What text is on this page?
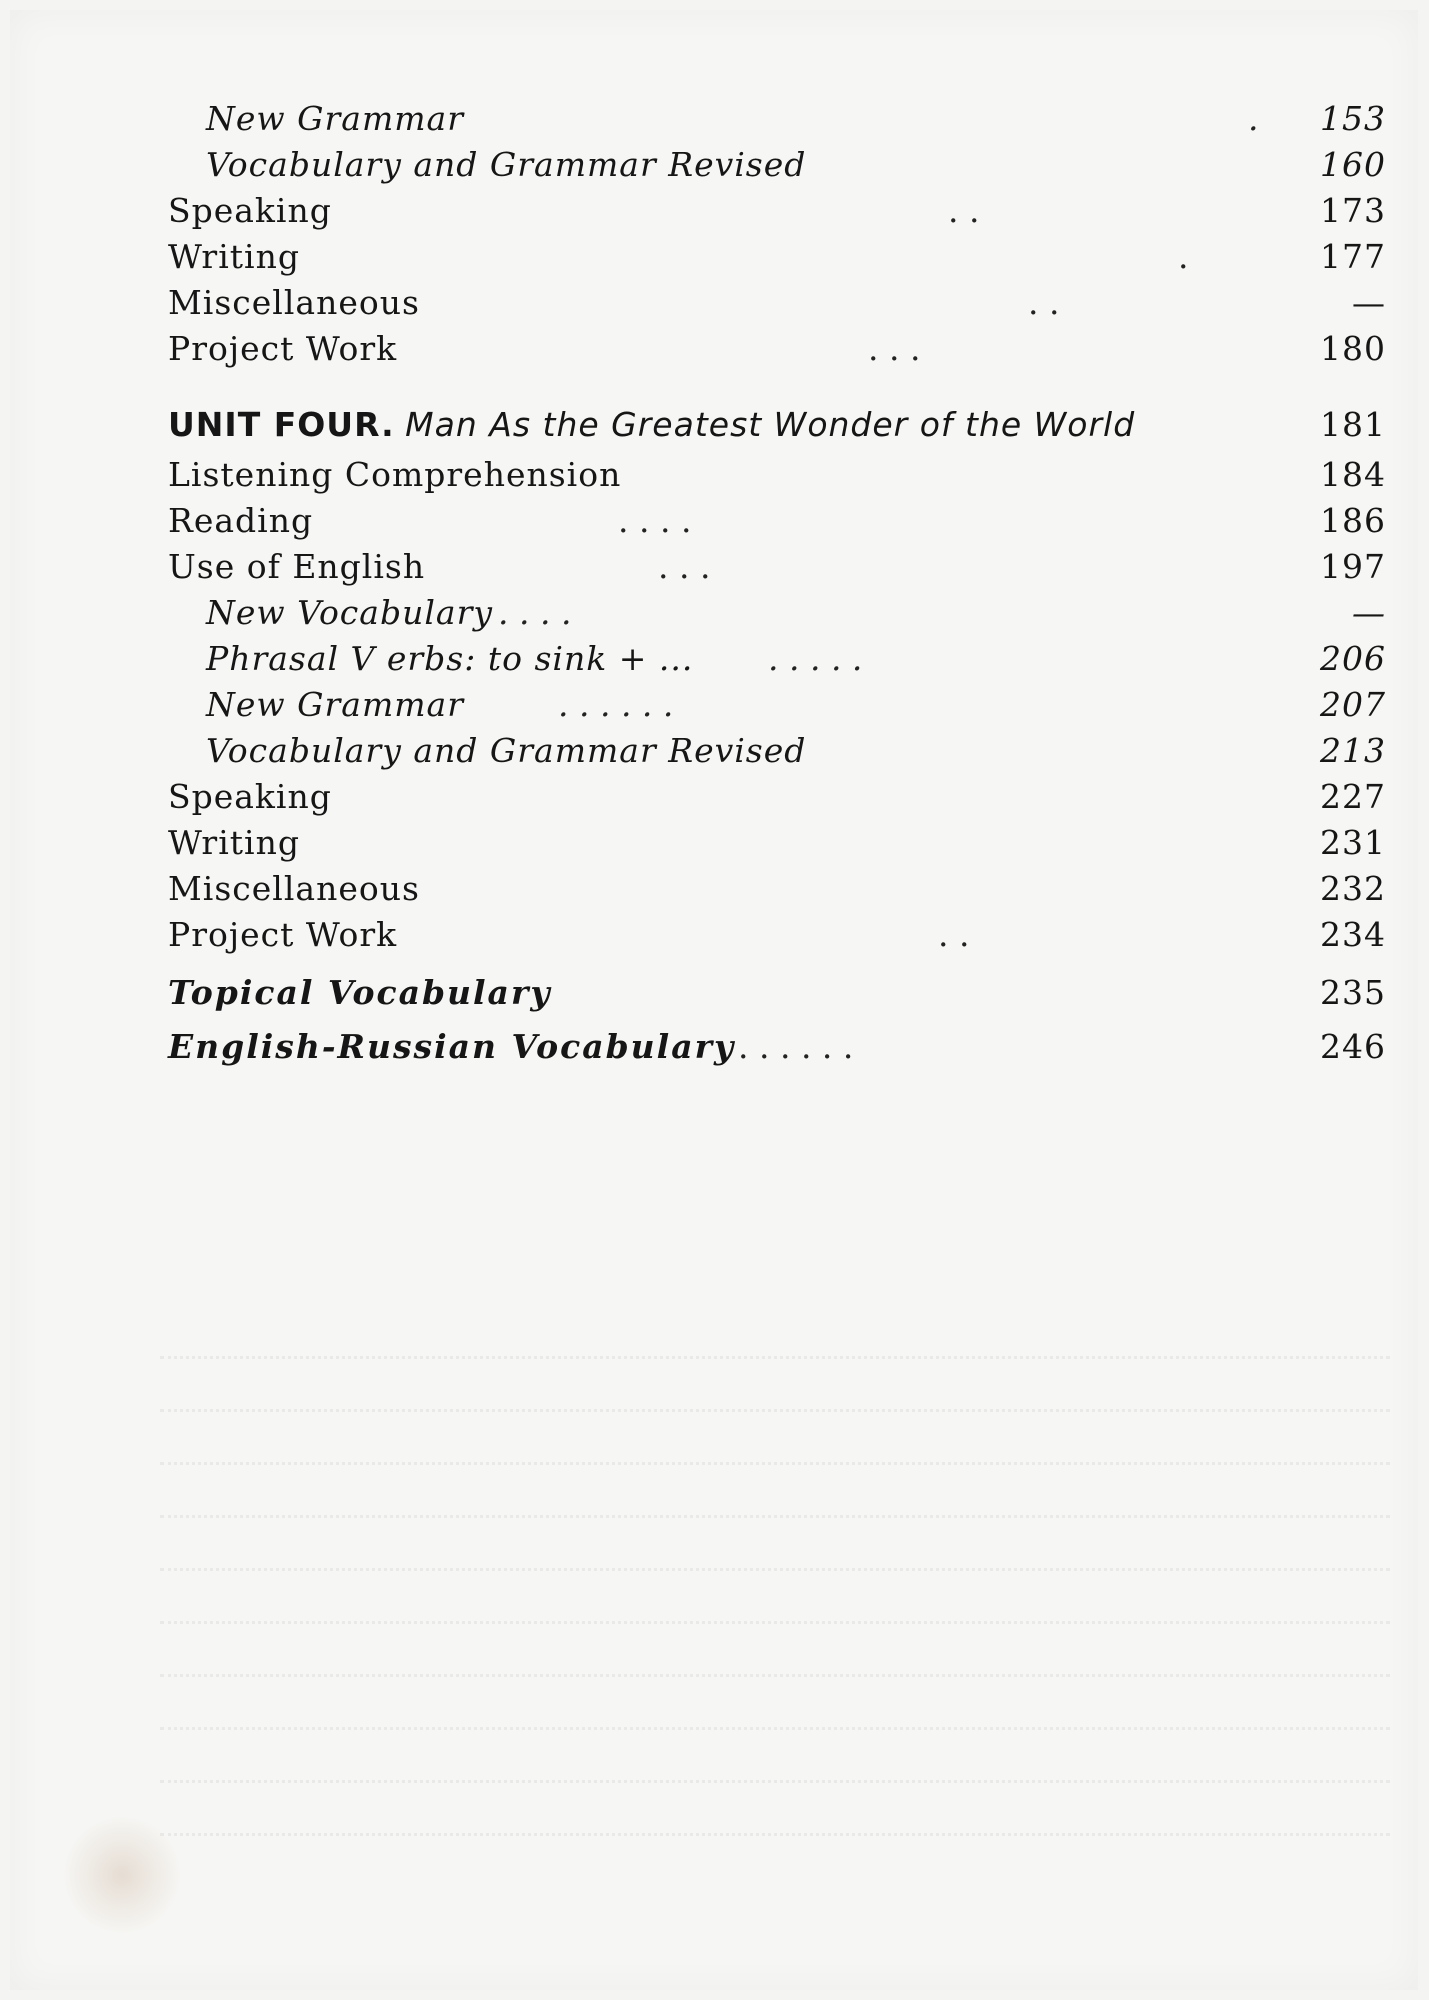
New Grammar	. 153
Vocabulary and Grammar Revised	160
Speaking	. .	173
Writing	.	177
Miscellaneous	. .	—
Project Work	. . .	180
UNIT FOUR. Man As the Greatest Wonder of the World	181
Listening Comprehension	184
Reading	. . . .	186
Use of English	. . .	197
New Vocabulary . . . .	—
Phrasal V erbs: to sink + ... . . . . .	206
New Grammar	. . . . . .	207
Vocabulary and Grammar Revised	213
Speaking	227
Writing	231
Miscellaneous	232
Project Work	. .	234
Topical Vocabulary	235
English-Russian Vocabulary . . . . . .	246
